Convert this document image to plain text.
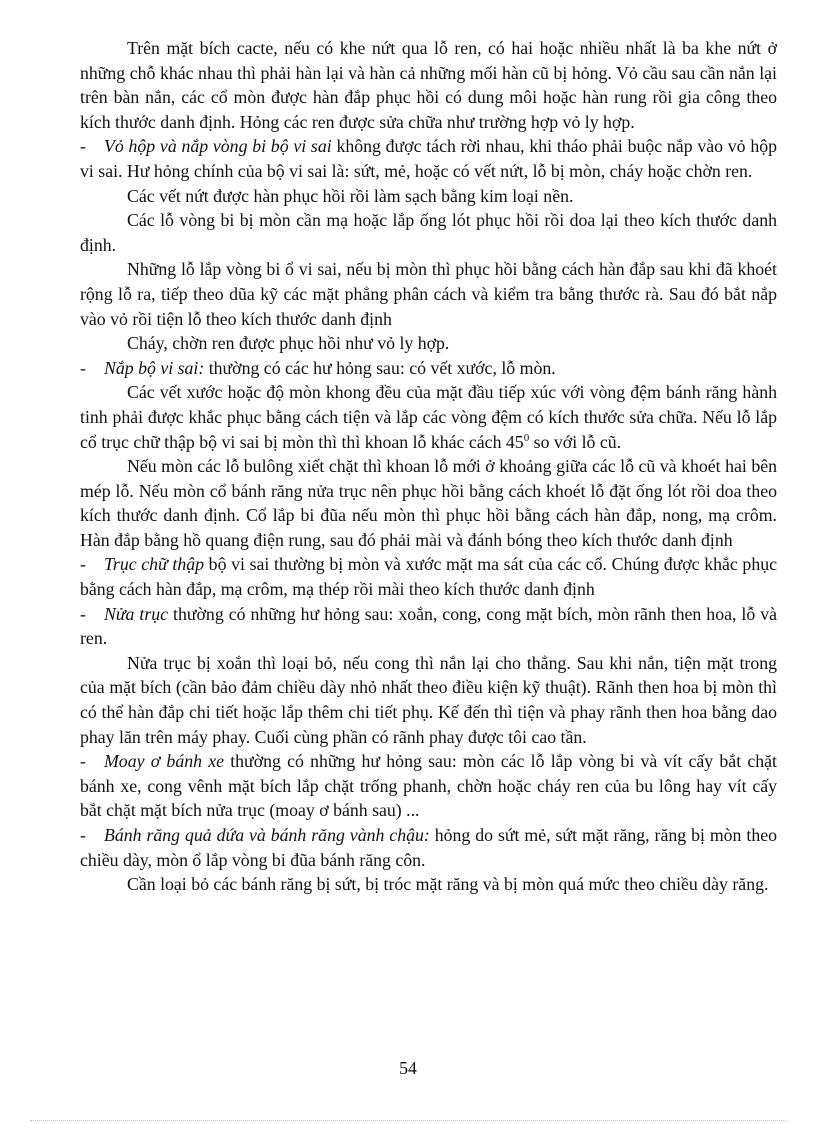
Trên mặt bích cacte, nếu có khe nứt qua lỗ ren, có hai hoặc nhiều nhất là ba khe nứt ở những chỗ khác nhau thì phải hàn lại và hàn cả những mối hàn cũ bị hỏng. Vỏ cầu sau cần nắn lại trên bàn nắn, các cổ mòn được hàn đắp phục hồi có dung môi hoặc hàn rung rồi gia công theo kích thước danh định. Hỏng các ren được sửa chữa như trường hợp vỏ ly hợp.

- Vỏ hộp và nắp vòng bi bộ vi sai không được tách rời nhau, khi tháo phải buộc nắp vào vỏ hộp vi sai. Hư hỏng chính của bộ vi sai là: sứt, mẻ, hoặc có vết nứt, lỗ bị mòn, cháy hoặc chờn ren.

Các vết nứt được hàn phục hồi rồi làm sạch bằng kim loại nền.

Các lỗ vòng bi bị mòn cần mạ hoặc lắp ống lót phục hồi rồi doa lại theo kích thước danh định.

Những lỗ lắp vòng bi ổ vi sai, nếu bị mòn thì phục hồi bằng cách hàn đắp sau khi đã khoét rộng lỗ ra, tiếp theo dũa kỹ các mặt phẳng phân cách và kiểm tra bằng thước rà. Sau đó bắt nắp vào vỏ rồi tiện lỗ theo kích thước danh định

Cháy, chờn ren được phục hồi như vỏ ly hợp.

- Nắp bộ vi sai: thường có các hư hỏng sau: có vết xước, lỗ mòn.

Các vết xước hoặc độ mòn khong đều của mặt đầu tiếp xúc với vòng đệm bánh răng hành tinh phải được khắc phục bằng cách tiện và lắp các vòng đệm có kích thước sửa chữa. Nếu lỗ lắp cổ trục chữ thập bộ vi sai bị mòn thì thì khoan lỗ khác cách $45^0$ so với lỗ cũ.

Nếu mòn các lỗ bulông xiết chặt thì khoan lỗ mới ở khoảng giữa các lỗ cũ và khoét hai bên mép lỗ. Nếu mòn cổ bánh răng nửa trục nên phục hồi bằng cách khoét lỗ đặt ống lót rồi doa theo kích thước danh định. Cổ lắp bi đũa nếu mòn thì phục hồi bằng cách hàn đắp, nong, mạ crôm. Hàn đắp bằng hồ quang điện rung, sau đó phải mài và đánh bóng theo kích thước danh định

- Trục chữ thập bộ vi sai thường bị mòn và xước mặt ma sát của các cổ. Chúng được khắc phục bằng cách hàn đắp, mạ crôm, mạ thép rồi mài theo kích thước danh định

- Nửa trục thường có những hư hỏng sau: xoắn, cong, cong mặt bích, mòn rãnh then hoa, lỗ và ren.

Nửa trục bị xoắn thì loại bỏ, nếu cong thì nắn lại cho thẳng. Sau khi nắn, tiện mặt trong của mặt bích (cần bảo đảm chiều dày nhỏ nhất theo điều kiện kỹ thuật). Rãnh then hoa bị mòn thì có thể hàn đắp chi tiết hoặc lắp thêm chi tiết phụ. Kế đến thì tiện và phay rãnh then hoa bằng dao phay lăn trên máy phay. Cuối cùng phần có rãnh phay được tôi cao tần.

- Moay ơ bánh xe thường có những hư hỏng sau: mòn các lỗ lắp vòng bi và vít cấy bắt chặt bánh xe, cong vênh mặt bích lắp chặt trống phanh, chờn hoặc cháy ren của bu lông hay vít cấy bắt chặt mặt bích nửa trục (moay ơ bánh sau) ...

- Bánh răng quả dứa và bánh răng vành chậu: hỏng do sứt mẻ, sứt mặt răng, răng bị mòn theo chiều dày, mòn ổ lắp vòng bi đũa bánh răng côn.

Cần loại bỏ các bánh răng bị sứt, bị tróc mặt răng và bị mòn quá mức theo chiều dày răng.

54
